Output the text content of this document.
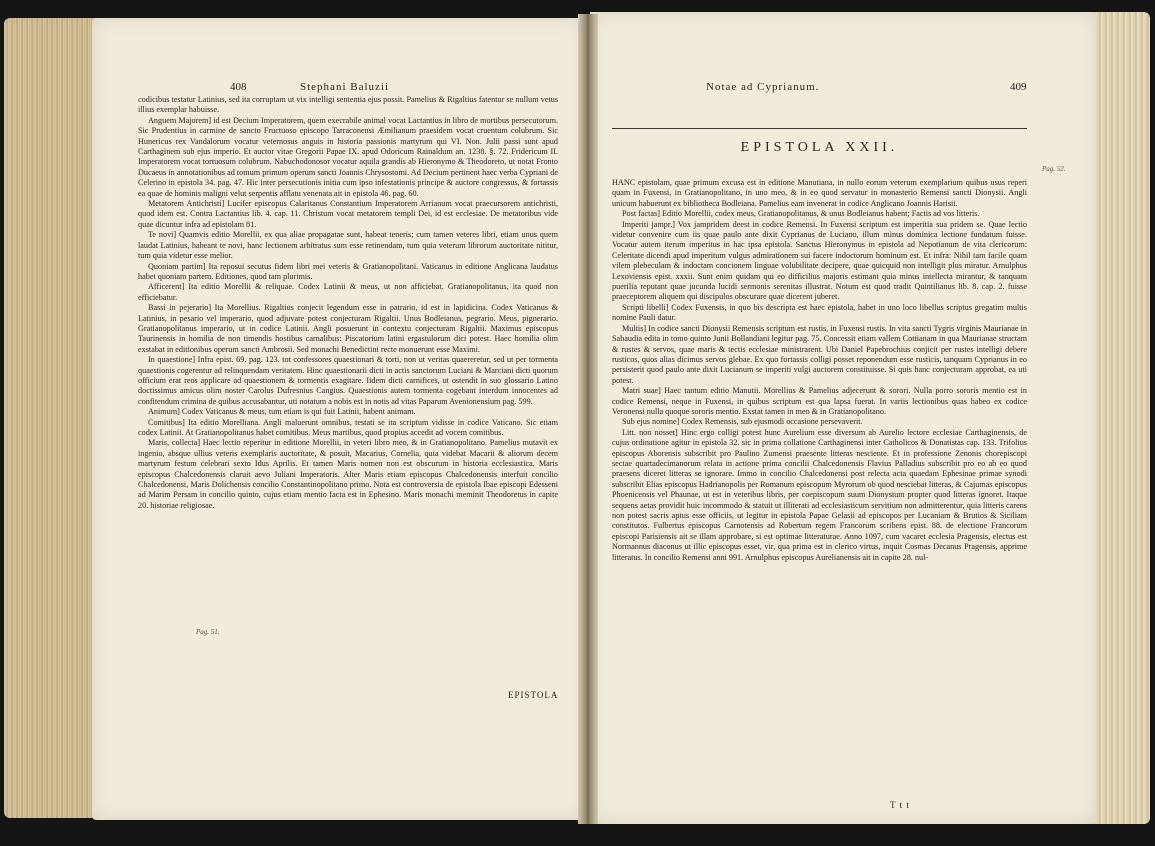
408	Stephani Baluzii

codicibus testatur Latinius, sed ita corruptam ut vix intelligi sententia ejus possit. Pamelius & Rigaltius fatentur se nullum vetus illius exemplar habuisse.

Anguem Majorem] id est Decium Imperatorem, quem execrabile animal vocat Lactantius in libro de mortibus persecutorum. Sic Prudentius in carmine de sancto Fructuoso episcopo Tarraconensi Æmilianum praesidem vocat cruentum colubrum. Sic Hunericus rex Vandalorum vocatur veternosus anguis in historia passionis martyrum qui VI. Non. Julii passi sunt apud Carthaginem sub ejus imperio. Et auctor vitae Gregorii Papae IX. apud Odoricum Rainaldum an. 1238. §. 72. Fridericum II. Imperatorem vocat tortuosum colubrum. Nabuchodonosor vocatur aquila grandis ab Hieronymo & Theodoreto, ut notat Fronto Ducaeus in annotationibus ad tomum primum operum sancti Joannis Chrysostomi. Ad Decium pertinent haec verba Cypriani de Celerino in epistola 34. pag. 47. Hic inter persecutionis initia cum ipso infestationis principe & auctore congressus, & fortassis ea quae de hominis maligni velut serpentis afflatu venenata ait in epistola 46. pag. 60.

Metatorem Antichristi] Lucifer episcopus Calaritanus Constantium Imperatorem Arrianum vocat praecursorem antichristi, quod idem est. Contra Lactantius lib. 4. cap. 11. Christum vocat metatorem templi Dei, id est ecclesiae. De metatoribus vide quae dicuntur infra ad epistolam 81.

Te novi] Quamvis editio Morellii, ex qua aliae propagatae sunt, habeat teneris; cum tamen veteres libri, etiam unus quem laudat Latinius, habeant te novi, hanc lectionem arbitratus sum esse retinendam, tum quia veterum librorum auctoritate nititur, tum quia videtur esse melior.

Quoniam partim] Ita reposui secutus fidem libri mei veteris & Gratianopolitani. Vaticanus in editione Anglicana laudatus habet quoniam partem. Editiones, quod tam plurimis.

Afficerent] Ita editio Morellii & reliquae. Codex Latinii & meus, ut non afficiebat. Gratianopolitanus, ita quod non efficiebatur.

Bassi in pejerario] Ita Morellius. Rigaltius conjecit legendum esse in patrario, id est in lapidicina. Codex Vaticanus & Latinius, in pesario vel imperario, quod adjuvare potest conjecturam Rigaltii. Unus Bodleianus, pegrario. Meus, pignerario. Gratianopolitanus imperario, ut in codice Latinii. Angli posuerunt in contextu conjecturam Rigaltii. Maximus episcopus Taurinensis in homilia de non timendis hostibus carnalibus: Piscatorium latini ergastulorum dici potest. Haec homilia olim exstabat in editionibus operum sancti Ambrosii. Sed monachi Benedictini recte monuerunt esse Maximi.

In quaestione] Infra epist. 69. pag. 123. tot confessores quaestionari & torti, non ut veritas quaereretur, sed ut per tormenta quaestionis cogerentur ad relinquendam veritatem. Hinc quaestionarii dicti in actis sanctorum Luciani & Marciani dicti quorum officium erat reos applicare ad quaestionem & tormentis exagitare. Iidem dicti carnifices, ut ostendit in suo glossario Latino doctissimus amicus olim noster Carolus Dufresnius Cangius. Quaestionis autem tormenta cogebant interdum innocentes ad confitendum crimina de quibus accusabantur, uti notatum a nobis est in notis ad vitas Paparum Avenionensium pag. 599.

Animum] Codex Vaticanus & meus, tum etiam is qui fuit Latinii, habent animam.

Comitibus] Ita editio Morelliana. Angli maluerunt omnibus, testati se ita scriptum vidisse in codice Vaticano. Sic etiam codex Latinii. At Gratianopolitanus habet comitibus. Meus martibus, quod propius accedit ad vocem comitibus.

Maris, collecta] Haec lectio reperitur in editione Morellii, in veteri libro meo, & in Gratianopolitano. Pamelius mutavit ex ingenio, absque ullius veteris exemplaris auctoritate, & posuit, Macarius, Cornelia, quia videbat Macarii & aliorum decem martyrum festum celebrari sexto Idus Aprilis. Et tamen Maris nomen non est obscurum in historia ecclesiastica. Maris episcopus Chalcedonensis claruit aevo Juliani Imperatoris. Alter Maris etiam episcopus Chalcedonensis interfuit concilio Chalcedonensi, Maris Dolichensis concilio Constantinopolitano primo. Nota est controversia de epistola Ibae episcopi Edesseni ad Marim Persam in concilio quinto, cujus etiam mentio facta est in Ephesino. Maris monachi meminit Theodoretus in capite 20. historiae religiosae.

Pag. 51.
EPISTOLA
Notae ad Cyprianum.	409
EPISTOLA XXII.
Pag. 52.

HANC epistolam, quae primum excusa est in editione Manutiana, in nullo eorum veterum exemplarium quibus usus reperi quam in Fuxensi, in Gratianopolitano, in uno meo, & in eo quod servatur in monasterio Remensi sancti Dionysii. Angli unicum habuerunt ex bibliotheca Bodleiana. Pamelius eam invenerat in codice Anglicano Joannis Harisii.

Post factas] Editio Morellii, codex meus, Gratianopolitanus, & unus Bodleianus habent; Factis ad vos litteris.

Imperiti jampr.] Vox jampridem deest in codice Remensi. In Fuxensi scriptum est imperitia sua pridem se. Quae lectio videtur convenire cum iis quae paulo ante dixit Cyprianus de Luciano, illum minus dominica lectione fundatum fuisse. Vocatur autem iterum imperitus in hac ipsa epistola. Sanctus Hieronymus in epistola ad Nepotianum de vita clericorum: Celeritate dicendi apud imperitum vulgus admirationem sui facere indoctorum hominum est. Et infra: Nihil tam facile quam vilem plebeculam & indoctam concionem linguae volubilitate decipere, quae quicquid non intelligit plus miratur. Arnulphus Lexoviensis epist. xxxii. Sunt enim quidam qui eo difficilius majoris estimant quia minus intellecta mirantur, & tanquam puerilia reputant quae jucunda lucidi sermonis serenitas illustrat. Notum est quod tradit Quintilianus lib. 8. cap. 2. fuisse praeceptorem aliquem qui discipulos obscurare quae dicerent juberet.

Scripti libelli] Codex Fuxensis, in quo bis descripta est haec epistola, habet in uno loco libellus scriptus gregatim multis nomine Pauli datur.

Multis] In codice sancti Dionysii Remensis scriptum est rustis, in Fuxensi rustis. In vita sancti Tygris virginis Maurianae in Sabaudia edita in tomo quinto Junii Bollandiani legitur pag. 75. Concessit etiam vallem Cottianam in qua Maurianae structam & rustes & servos, quae maris & tectis ecclesiae ministrarent. Ubi Daniel Papebrochius conjicit per rustes intelligi debere rusticos, quos alias dicimus servos glebae. Ex quo fortassis colligi posset reponendum esse rusticis, tanquam Cyprianus in eo persisterit quod paulo ante dixit Lucianum se imperiti vulgi auctorem constituisse. Si quis hanc conjecturam approbat, ea uti potest.

Matri suae] Haec tantum editio Manutii. Morellius & Pamelius adjecerunt & sorori. Nulla porro sororis mentio est in codice Remensi, neque in Fuxensi, in quibus scriptum est qua lapsa fuerat. In variis lectionibus quas habeo ex codice Veronensi nulla quoque sororis mentio. Exstat tamen in meo & in Gratianopolitano.

Sub ejus nomine] Codex Remensis, sub ejusmodi occasione persevaverit.

Litt. non nosset] Hinc ergo colligi potest hunc Aurelium esse diversum ab Aurelio lectore ecclesiae Carthaginensis, de cujus ordinatione agitur in epistola 32. sic in prima collatione Carthaginensi inter Catholicos & Donatistas cap. 133. Trifolius episcopus Aborensis subscribit pro Paulino Zumensi praesente litteras nesciente. Et in professione Zenonis chorepiscopi sectae quartadecimanorum relata in actione prima concilii Chalcedonensis Flavius Palladius subscribit pro eo ab eo quod praesens diceret litteras se ignorare. Immo in concilio Chalcedonensi post relecta acta quaedam Ephesinae primae synodi subscribit Elias episcopus Hadrianopolis per Romanum episcopum Myrorum ob quod nesciebat litteras, & Cajumas episcopus Phoenicensis vel Phaunae, ut est in veteribus libris, per coepiscopum suum Dionysium propter quod litteras ignoret. Itaque sequens aetas providit huic incommodo & statuit ut illiterati ad ecclesiasticum servitium non admitterentur, quia litteris carens non potest sacris aptus esse officiis, ut legitur in epistola Papae Gelasii ad episcopos per Lucaniam & Brutios & Siciliam constitutos. Fulbertus episcopus Carnotensis ad Robertum regem Francorum scribens epist. 88. de electione Francorum episcopi Parisiensis ait se illam approbare, si est optimae litteraturae. Anno 1097, cum vacaret ecclesia Pragensis, electus est Normannus diaconus ut illic episcopus esset, vir, qua prima est in clerico virtus, inquit Cosmas Decanus Pragensis, apprime litteratus. In concilio Remensi anni 991. Arnulphus episcopus Aurelianensis ait in capite 28. nul-

T t t
